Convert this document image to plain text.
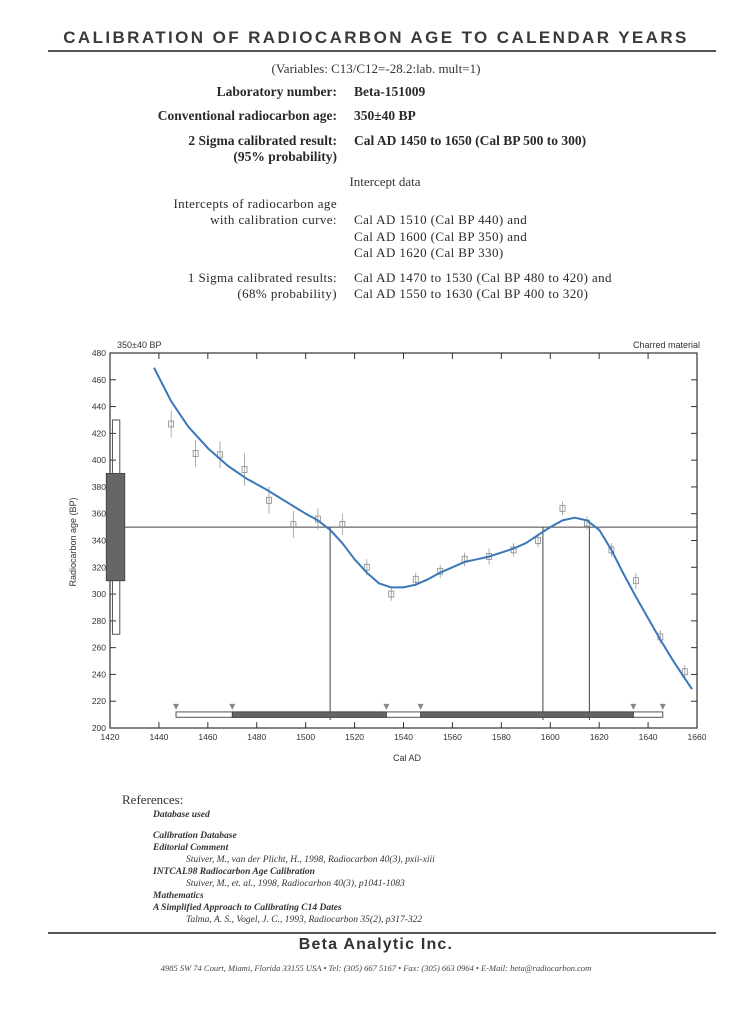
CALIBRATION OF RADIOCARBON AGE TO CALENDAR YEARS
(Variables: C13/C12=-28.2:lab. mult=1)
Laboratory number: Beta-151009
Conventional radiocarbon age: 350±40 BP
2 Sigma calibrated result: Cal AD 1450 to 1650 (Cal BP 500 to 300)
(95% probability)
Intercept data
Intercepts of radiocarbon age
with calibration curve: Cal AD 1510 (Cal BP 440) and
Cal AD 1600 (Cal BP 350) and
Cal AD 1620 (Cal BP 330)
1 Sigma calibrated results: Cal AD 1470 to 1530 (Cal BP 480 to 420) and
(68% probability) Cal AD 1550 to 1630 (Cal BP 400 to 320)
350±40 BP	Charred material
Cal AD
Radiocarbon age (BP)
200
220
240
260
280
300
320
340
360
380
400
420
440
460
480
1420	1440	1460	1480	1500	1520	1540	1560	1580	1600	1620	1640	1660
References:
Database used
Calibration Database
Editorial Comment
Stuiver, M., van der Plicht, H., 1998, Radiocarbon 40(3), pxii-xiii
INTCAL98 Radiocarbon Age Calibration
Stuiver, M., et. al., 1998, Radiocarbon 40(3), p1041-1083
Mathematics
A Simplified Approach to Calibrating C14 Dates
Talma, A. S., Vogel, J. C., 1993, Radiocarbon 35(2), p317-322
Beta Analytic Inc.
4985 SW 74 Court, Miami, Florida 33155 USA • Tel: (305) 667 5167 • Fax: (305) 663 0964 • E-Mail: beta@radiocarbon.com
